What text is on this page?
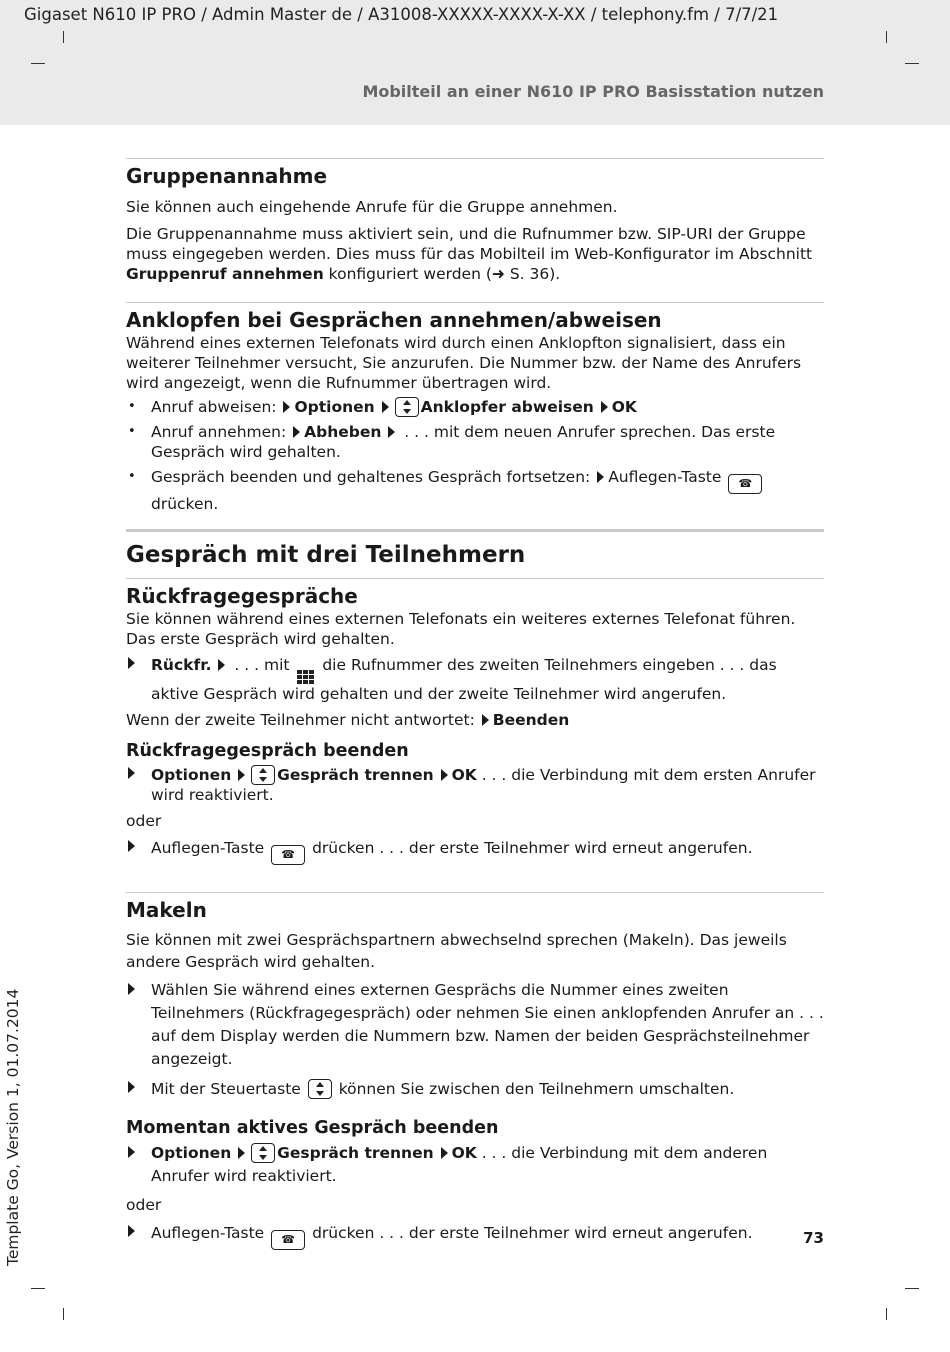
Gigaset N610 IP PRO / Admin Master de / A31008-XXXXX-XXXX-X-XX / telephony.fm / 7/7/21
Mobilteil an einer N610 IP PRO Basisstation nutzen
Template Go, Version 1, 01.07.2014	73
Gruppenannahme

Sie können auch eingehende Anrufe für die Gruppe annehmen.

Die Gruppenannahme muss aktiviert sein, und die Rufnummer bzw. SIP-URI der Gruppe muss eingegeben werden. Dies muss für das Mobilteil im Web-Konfigurator im Abschnitt Gruppenruf annehmen konfiguriert werden (➜ S. 36).

Anklopfen bei Gesprächen annehmen/abweisen

Während eines externen Telefonats wird durch einen Anklopfton signalisiert, dass ein weiterer Teilnehmer versucht, Sie anzurufen. Die Nummer bzw. der Name des Anrufers wird angezeigt, wenn die Rufnummer übertragen wird.

• Anruf abweisen: Optionen	Anklopfer abweisen OK
• Anruf annehmen: Abheben  . . . mit dem neuen Anrufer sprechen. Das erste Gespräch wird gehalten.
• Gespräch beenden und gehaltenes Gespräch fortsetzen: Auflegen-Taste ☎ drücken.
Gespräch mit drei Teilnehmern
Rückfragegespräche

Sie können während eines externen Telefonats ein weiteres externes Telefonat führen. Das erste Gespräch wird gehalten.

Rückfr.  . . . mit die Rufnummer des zweiten Teilnehmers eingeben . . . das aktive Gespräch wird gehalten und der zweite Teilnehmer wird angerufen.

Wenn der zweite Teilnehmer nicht antwortet: Beenden

Rückfragegespräch beenden
Optionen	Gespräch trennen OK . . . die Verbindung mit dem ersten Anrufer wird reaktiviert.

oder

Auflegen-Taste ☎ drücken . . . der erste Teilnehmer wird erneut angerufen.
Makeln

Sie können mit zwei Gesprächspartnern abwechselnd sprechen (Makeln). Das jeweils andere Gespräch wird gehalten.

Wählen Sie während eines externen Gesprächs die Nummer eines zweiten Teilnehmers (Rückfragegespräch) oder nehmen Sie einen anklopfenden Anrufer an . . . auf dem Display werden die Nummern bzw. Namen der beiden Gesprächsteilnehmer angezeigt.
Mit der Steuertaste können Sie zwischen den Teilnehmern umschalten.
Momentan aktives Gespräch beenden
Optionen	Gespräch trennen OK . . . die Verbindung mit dem anderen Anrufer wird reaktiviert.

oder

Auflegen-Taste ☎ drücken . . . der erste Teilnehmer wird erneut angerufen.
